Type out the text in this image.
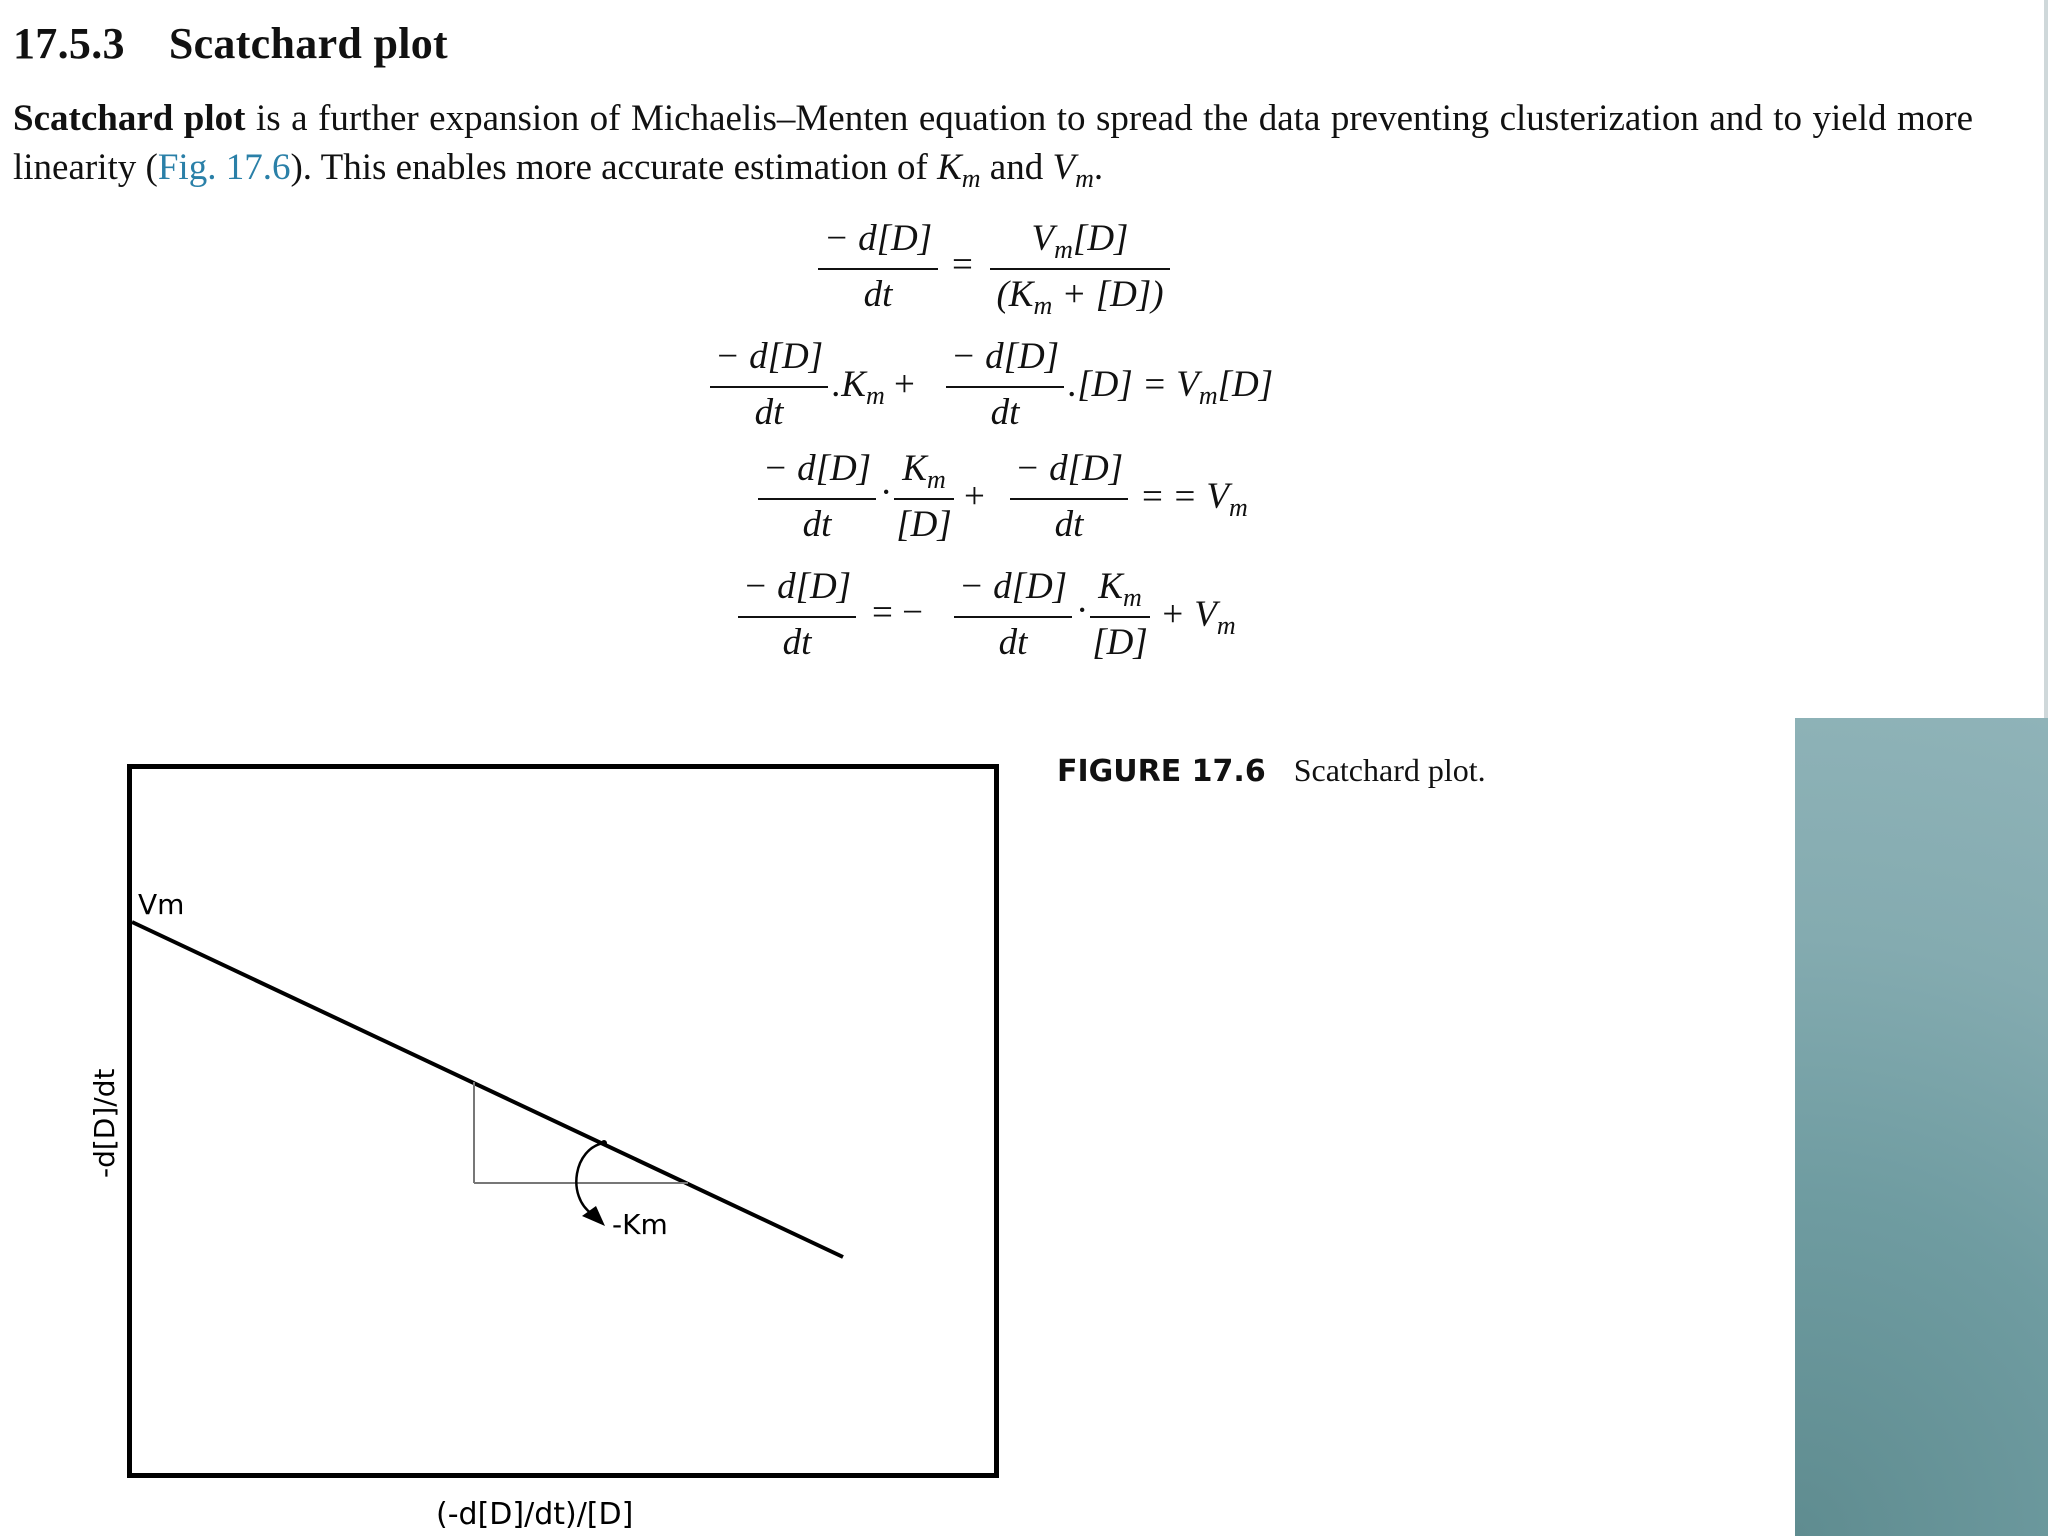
17.5.3 Scatchard plot

Scatchard plot is a further expansion of Michaelis–Menten equation to spread the data preventing clusterization and to yield more linearity (Fig. 17.6). This enables more accurate estimation of $K_m$ and $V_m$.

− d[D]
dt
=
$V_m[D]$
$(K_m + [D])$
− d[D]
dt
$.K_m$ +
− d[D]
dt
$.[D] = V_m[D]$
− d[D]
dt
·
$K_m$
[D]
+
− d[D]
dt
= = $V_m$
− d[D]
dt
= −
− d[D]
dt
·
$K_m$
[D]
+ $V_m$
Vm
-Km
-d[D]/dt
(-d[D]/dt)/[D]

FIGURE 17.6 Scatchard plot.
